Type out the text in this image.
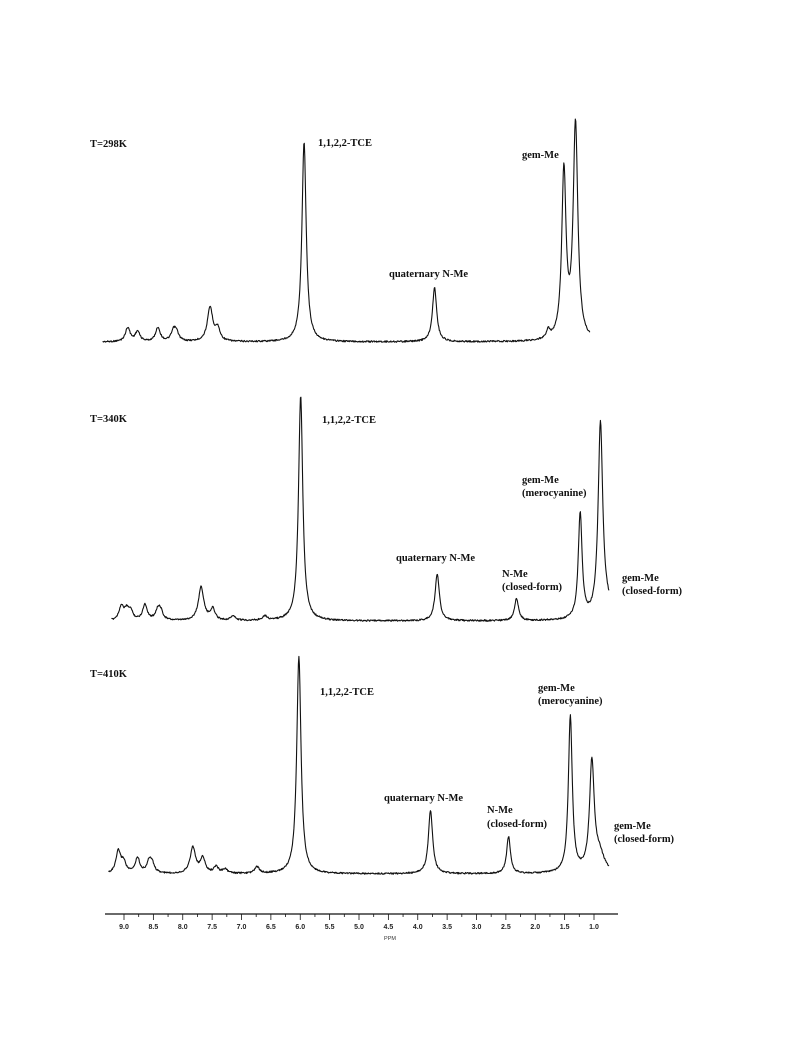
T=298K	1,1,2,2-TCE
quaternary N-Me
gem-Me
T=340K	1,1,2,2-TCE
quaternary N-Me
N-Me
(closed-form)
gem-Me
(merocyanine)
gem-Me
(closed-form)
T=410K
1,1,2,2-TCE
quaternary N-Me
N-Me
(closed-form)
gem-Me
(merocyanine)
gem-Me
(closed-form)
9.0	8.5	8.0	7.5	7.0	6.5	6.0	5.5	5.0	4.5	4.0	3.5	3.0	2.5	2.0	1.5	1.0
PPM
